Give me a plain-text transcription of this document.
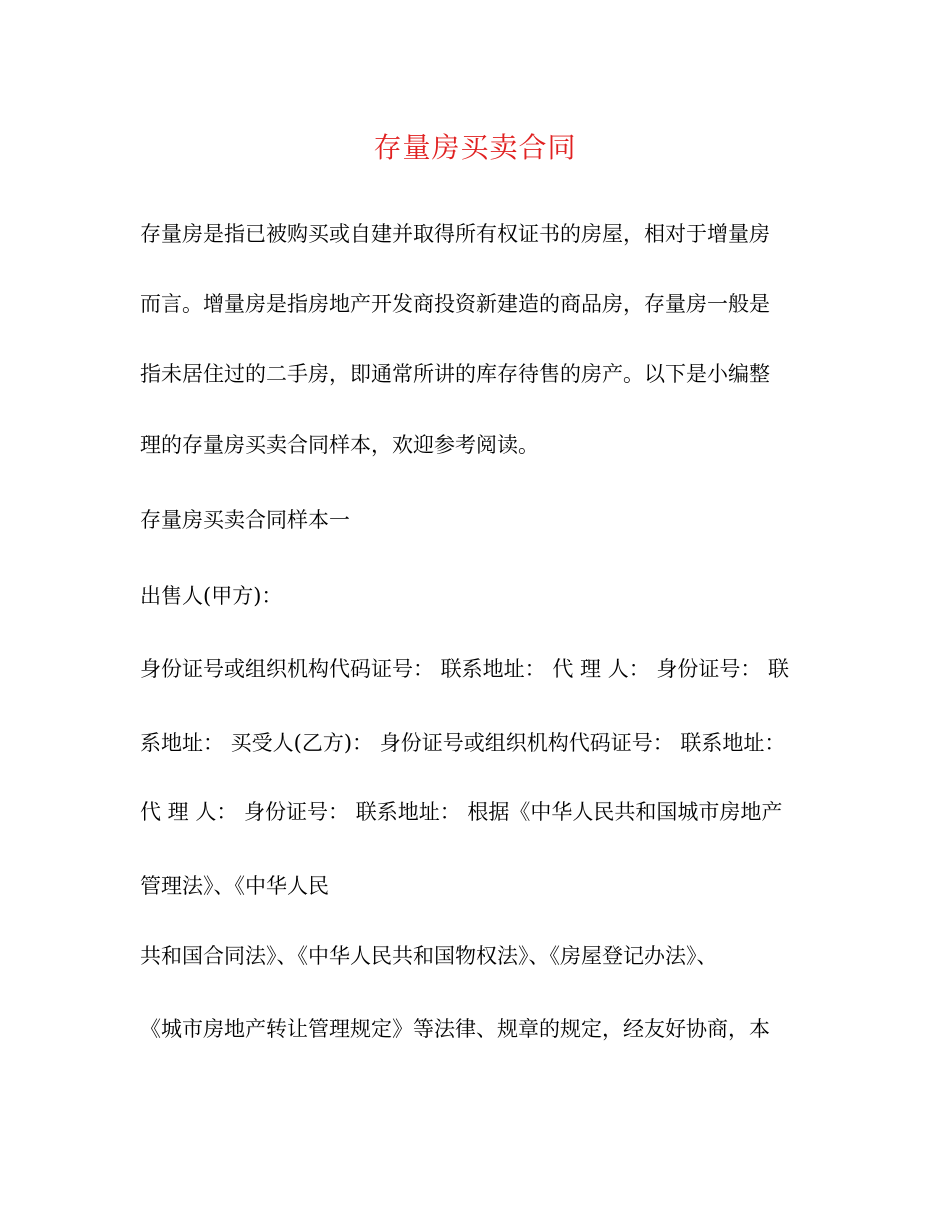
存量房买卖合同
存量房是指已被购买或自建并取得所有权证书的房屋，相对于增量房
而言。增量房是指房地产开发商投资新建造的商品房，存量房一般是
指未居住过的二手房，即通常所讲的库存待售的房产。以下是小编整
理的存量房买卖合同样本，欢迎参考阅读。
存量房买卖合同样本一
出售人(甲方)：
身份证号或组织机构代码证号： 联系地址： 代 理 人： 身份证号： 联
系地址： 买受人(乙方)： 身份证号或组织机构代码证号： 联系地址：
代 理 人： 身份证号： 联系地址： 根据《中华人民共和国城市房地产
管理法》、《中华人民
共和国合同法》、《中华人民共和国物权法》、《房屋登记办法》、
《城市房地产转让管理规定》等法律、规章的规定，经友好协商，本
